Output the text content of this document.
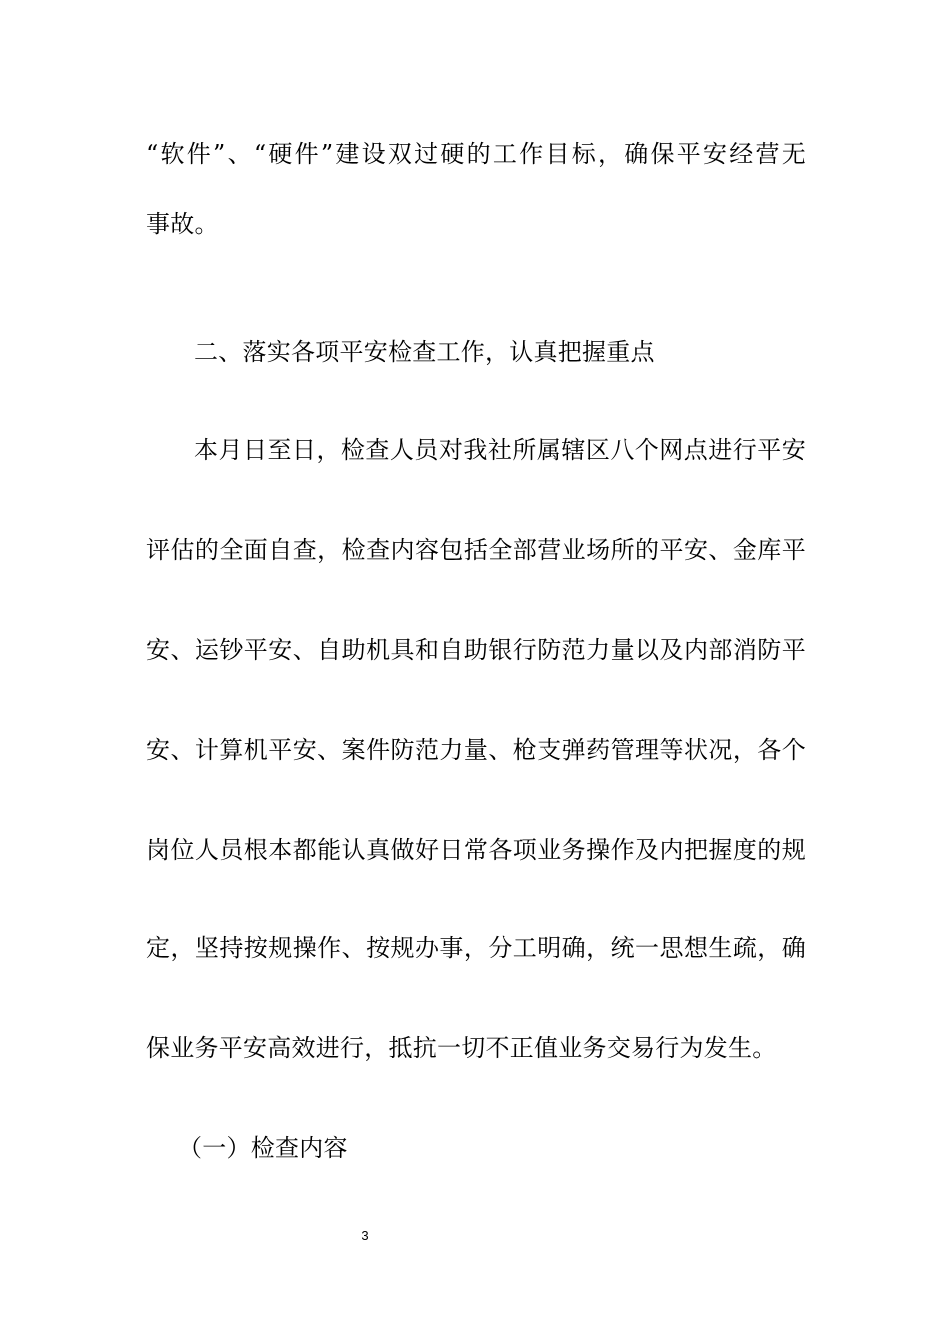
“软件”、“硬件”建设双过硬的工作目标，确保平安经营无
事故。
二、落实各项平安检查工作，认真把握重点
本月日至日，检查人员对我社所属辖区八个网点进行平安
评估的全面自查，检查内容包括全部营业场所的平安、金库平
安、运钞平安、自助机具和自助银行防范力量以及内部消防平
安、计算机平安、案件防范力量、枪支弹药管理等状况，各个
岗位人员根本都能认真做好日常各项业务操作及内把握度的规
定，坚持按规操作、按规办事，分工明确，统一思想生疏，确
保业务平安高效进行，抵抗一切不正值业务交易行为发生。
（一）检查内容
3
